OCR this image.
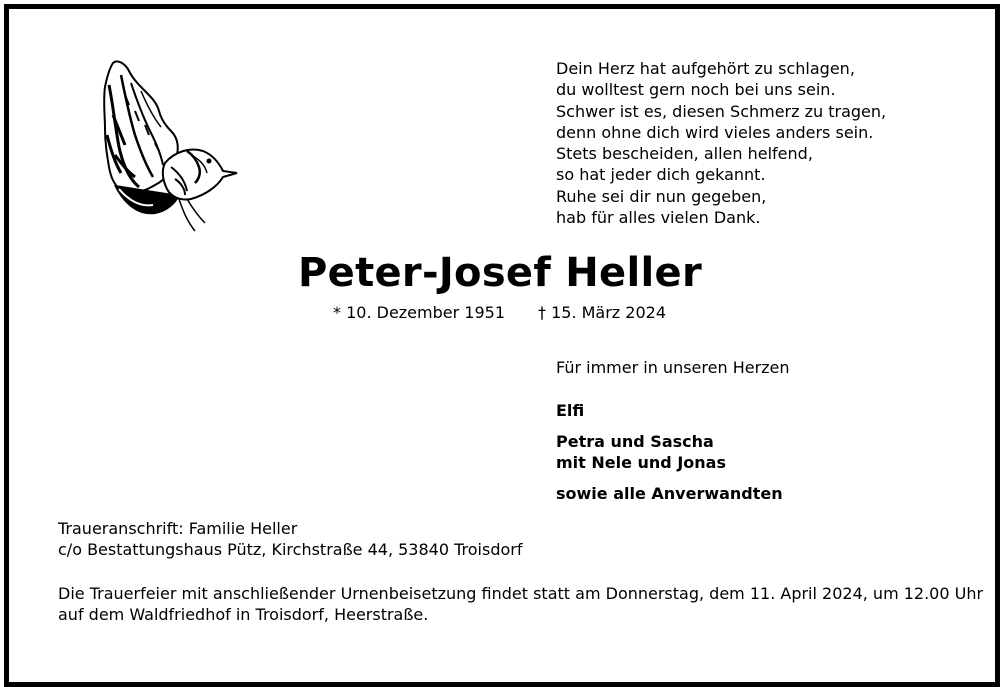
Dein Herz hat aufgehört zu schlagen,
du wolltest gern noch bei uns sein.
Schwer ist es, diesen Schmerz zu tragen,
denn ohne dich wird vieles anders sein.
Stets bescheiden, allen helfend,
so hat jeder dich gekannt.
Ruhe sei dir nun gegeben,
hab für alles vielen Dank.
Peter-Josef Heller
* 10. Dezember 1951 † 15. März 2024
Für immer in unseren Herzen
Elfi
Petra und Sascha
mit Nele und Jonas
sowie alle Anverwandten
Traueranschrift: Familie Heller
c/o Bestattungshaus Pütz, Kirchstraße 44, 53840 Troisdorf
Die Trauerfeier mit anschließender Urnenbeisetzung findet statt am Donnerstag, dem 11. April 2024, um 12.00 Uhr
auf dem Waldfriedhof in Troisdorf, Heerstraße.
